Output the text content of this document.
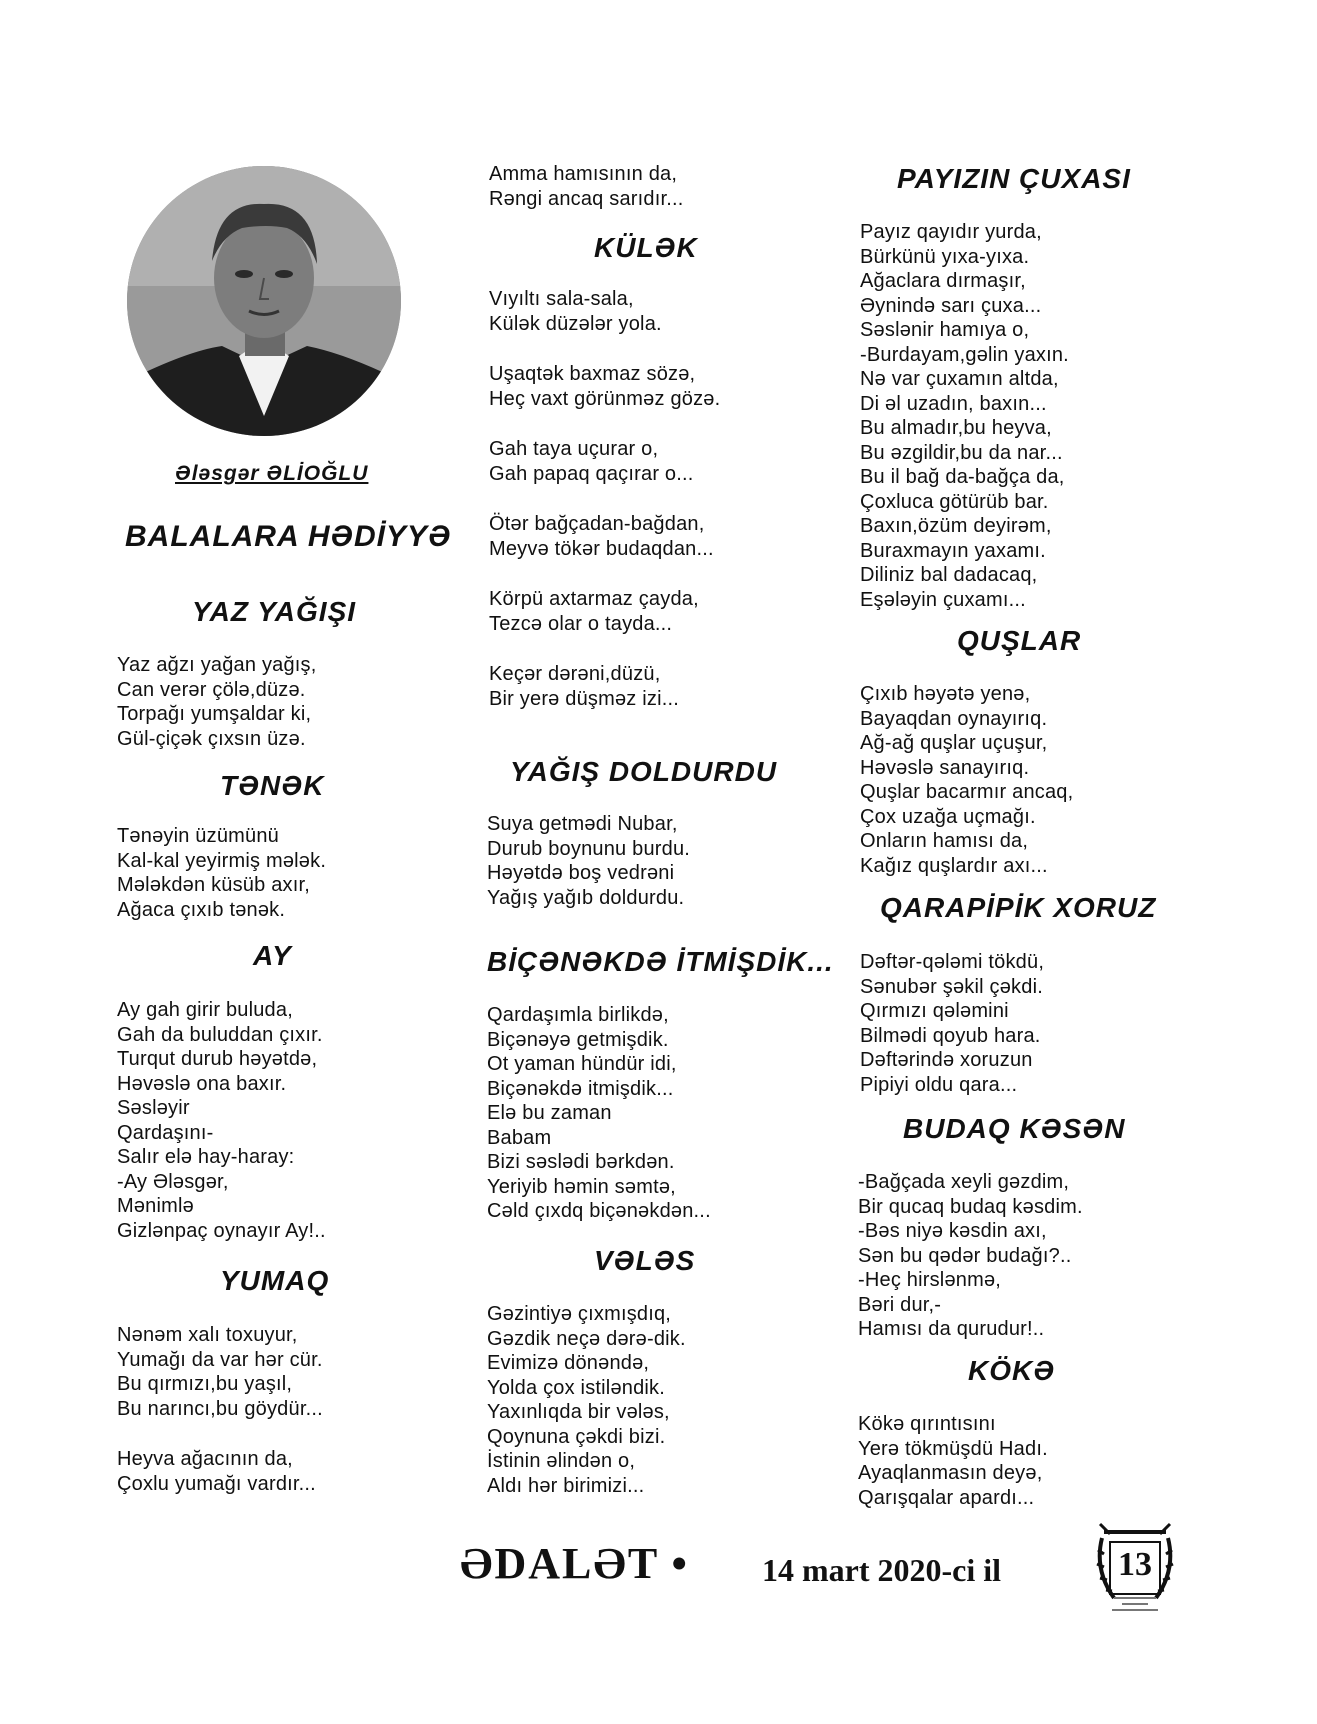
Ələsgər ƏLİOĞLU
BALALARA HƏDİYYƏ
YAZ YAĞIŞI
Yaz ağzı yağan yağış,
Can verər çölə,düzə.
Torpağı yumşaldar ki,
Gül-çiçək çıxsın üzə.
TƏNƏK
Tənəyin üzümünü
Kal-kal yeyirmiş mələk.
Mələkdən küsüb axır,
Ağaca çıxıb tənək.
AY
Ay gah girir buluda,
Gah da buluddan çıxır.
Turqut durub həyətdə,
Həvəslə ona baxır.
Səsləyir
Qardaşını-
Salır elə hay-haray:
-Ay Ələsgər,
Mənimlə
Gizlənpaç oynayır Ay!..
YUMAQ
Nənəm xalı toxuyur,
Yumağı da var hər cür.
Bu qırmızı,bu yaşıl,
Bu narıncı,bu göydür...
Heyva ağacının da,
Çoxlu yumağı vardır...
Amma hamısının da,
Rəngi ancaq sarıdır...
KÜLƏK
Vıyıltı sala-sala,
Külək düzələr yola.
Uşaqtək baxmaz sözə,
Heç vaxt görünməz gözə.
Gah taya uçurar o,
Gah papaq qaçırar o...
Ötər bağçadan-bağdan,
Meyvə tökər budaqdan...
Körpü axtarmaz çayda,
Tezcə olar o tayda...
Keçər dərəni,düzü,
Bir yerə düşməz izi...
YAĞIŞ DOLDURDU
Suya getmədi Nubar,
Durub boynunu burdu.
Həyətdə boş vedrəni
Yağış yağıb doldurdu.
BİÇƏNƏKDƏ İTMİŞDİK...
Qardaşımla birlikdə,
Biçənəyə getmişdik.
Ot yaman hündür idi,
Biçənəkdə itmişdik...
Elə bu zaman
Babam
Bizi səslədi bərkdən.
Yeriyib həmin səmtə,
Cəld çıxdq biçənəkdən...
VƏLƏS
Gəzintiyə çıxmışdıq,
Gəzdik neçə dərə-dik.
Evimizə dönəndə,
Yolda çox istiləndik.
Yaxınlıqda bir vələs,
Qoynuna çəkdi bizi.
İstinin əlindən o,
Aldı hər birimizi...
PAYIZIN ÇUXASI
Payız qayıdır yurda,
Bürkünü yıxa-yıxa.
Ağaclara dırmaşır,
Əynində sarı çuxa...
Səslənir hamıya o,
-Burdayam,gəlin yaxın.
Nə var çuxamın altda,
Di əl uzadın, baxın...
Bu almadır,bu heyva,
Bu əzgildir,bu da nar...
Bu il bağ da-bağça da,
Çoxluca götürüb bar.
Baxın,özüm deyirəm,
Buraxmayın yaxamı.
Diliniz bal dadacaq,
Eşələyin çuxamı...
QUŞLAR
Çıxıb həyətə yenə,
Bayaqdan oynayırıq.
Ağ-ağ quşlar uçuşur,
Həvəslə sanayırıq.
Quşlar bacarmır ancaq,
Çox uzağa uçmağı.
Onların hamısı da,
Kağız quşlardır axı...
QARAPİPİK XORUZ
Dəftər-qələmi tökdü,
Sənubər şəkil çəkdi.
Qırmızı qələmini
Bilmədi qoyub hara.
Dəftərində xoruzun
Pipiyi oldu qara...
BUDAQ KƏSƏN
-Bağçada xeyli gəzdim,
Bir qucaq budaq kəsdim.
-Bəs niyə kəsdin axı,
Sən bu qədər budağı?..
-Heç hirslənmə,
Bəri dur,-
Hamısı da qurudur!..
KÖKƏ
Kökə qırıntısını
Yerə tökmüşdü Hadı.
Ayaqlanmasın deyə,
Qarışqalar apardı...
ƏDALƏT • 14 mart 2020-ci il	13
